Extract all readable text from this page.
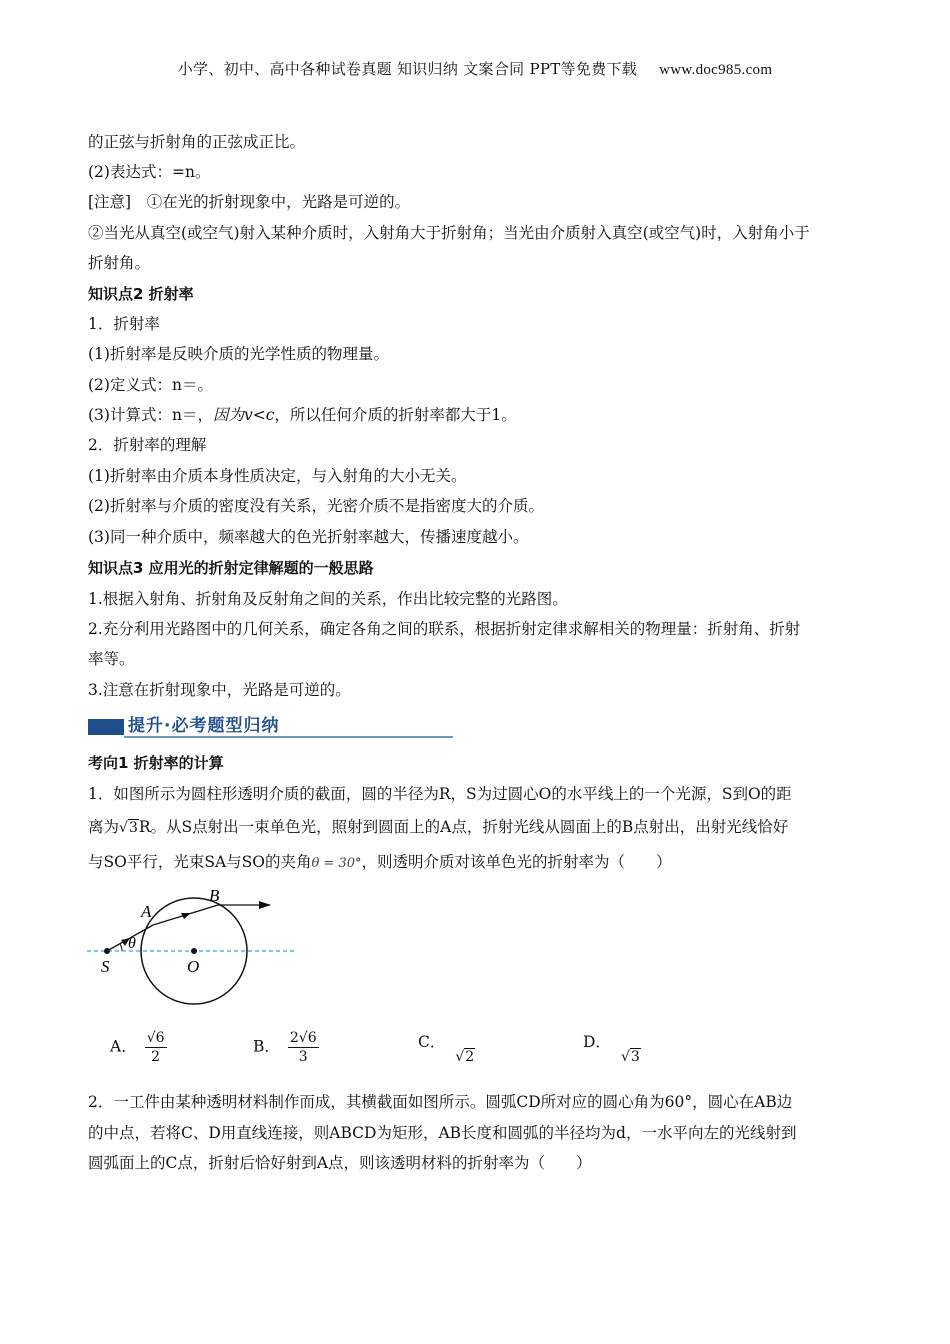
小学、初中、高中各种试卷真题 知识归纳 文案合同 PPT等免费下载 www.doc985.com
的正弦与折射角的正弦成正比。
(2)表达式：=n。
[注意]　①在光的折射现象中，光路是可逆的。
②当光从真空(或空气)射入某种介质时，入射角大于折射角；当光由介质射入真空(或空气)时，入射角小于
折射角。
知识点2 折射率
1．折射率
(1)折射率是反映介质的光学性质的物理量。
(2)定义式：n＝。
(3)计算式：n＝，因为v<c，所以任何介质的折射率都大于1。
2．折射率的理解
(1)折射率由介质本身性质决定，与入射角的大小无关。
(2)折射率与介质的密度没有关系，光密介质不是指密度大的介质。
(3)同一种介质中，频率越大的色光折射率越大，传播速度越小。
知识点3 应用光的折射定律解题的一般思路
1.根据入射角、折射角及反射角之间的关系，作出比较完整的光路图。
2.充分利用光路图中的几何关系，确定各角之间的联系，根据折射定律求解相关的物理量：折射角、折射
率等。
3.注意在折射现象中，光路是可逆的。
提升·必考题型归纳
考向1 折射率的计算
1．如图所示为圆柱形透明介质的截面，圆的半径为R，S为过圆心O的水平线上的一个光源，S到O的距
离为√3R。从S点射出一束单色光，照射到圆面上的A点，折射光线从圆面上的B点射出，出射光线恰好
与SO平行，光束SA与SO的夹角θ = 30°，则透明介质对该单色光的折射率为（　　）
A
B
S	O
θ
A． $\frac{√6}{2}$	B． $\frac{2√6}{3}$	C．√2
D．√3
2．一工件由某种透明材料制作而成，其横截面如图所示。圆弧CD所对应的圆心角为60°，圆心在AB边
的中点，若将C、D用直线连接，则ABCD为矩形，AB长度和圆弧的半径均为d，一水平向左的光线射到
圆弧面上的C点，折射后恰好射到A点，则该透明材料的折射率为（　　）
